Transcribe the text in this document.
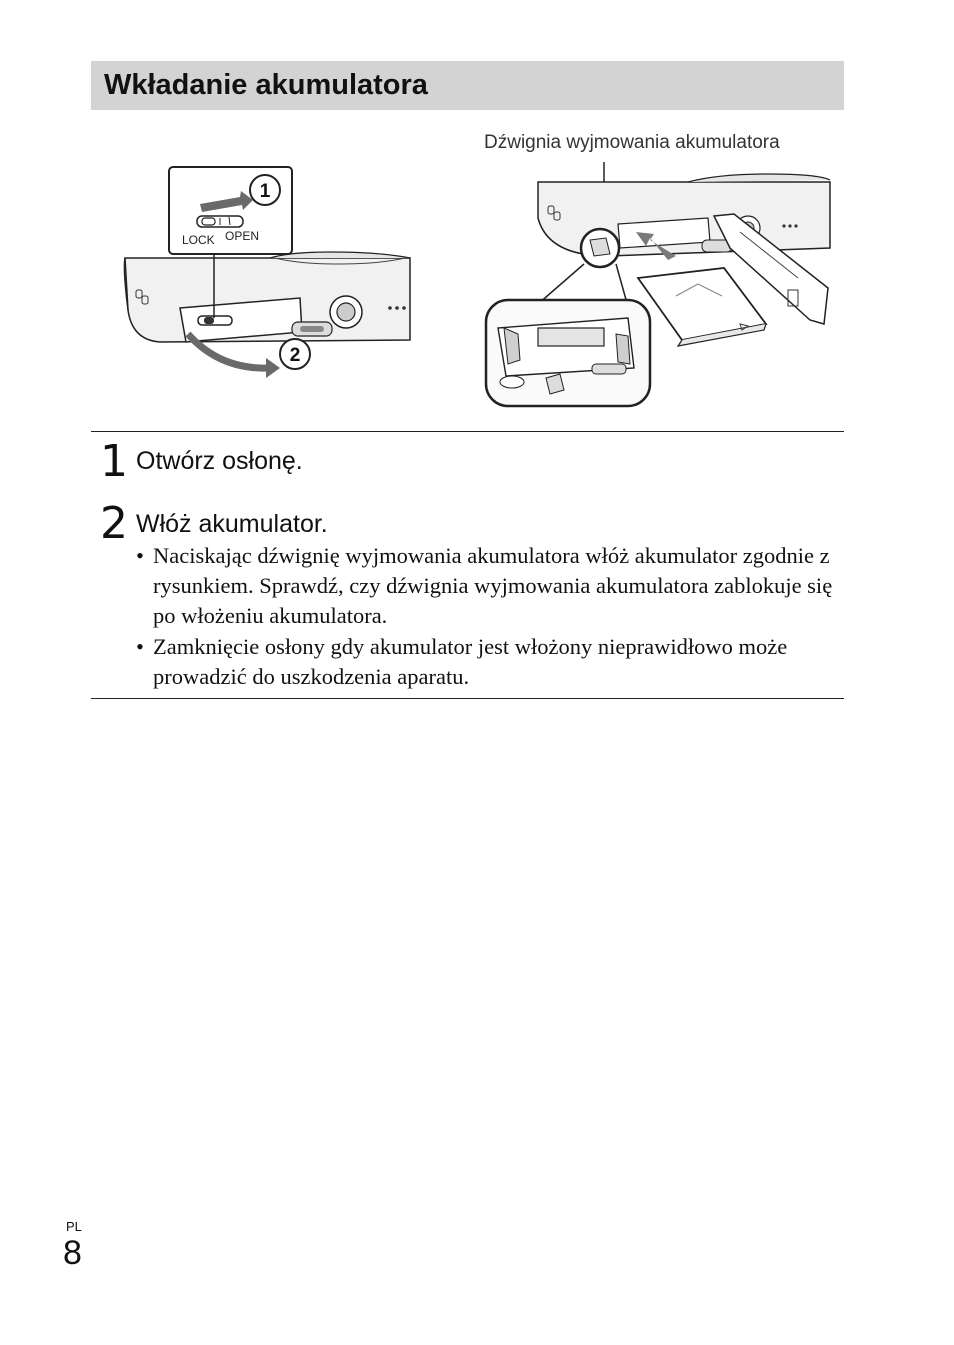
Wkładanie akumulatora
LOCK OPEN
1
2
Dźwignia wyjmowania akumulatora
1 Otwórz osłonę.
2 Włóż akumulator.
• Naciskając dźwignię wyjmowania akumulatora włóż akumulator zgodnie z rysunkiem. Sprawdź, czy dźwignia wyjmowania akumulatora zablokuje się po włożeniu akumulatora.
• Zamknięcie osłony gdy akumulator jest włożony nieprawidłowo może prowadzić do uszkodzenia aparatu.
PL
8
